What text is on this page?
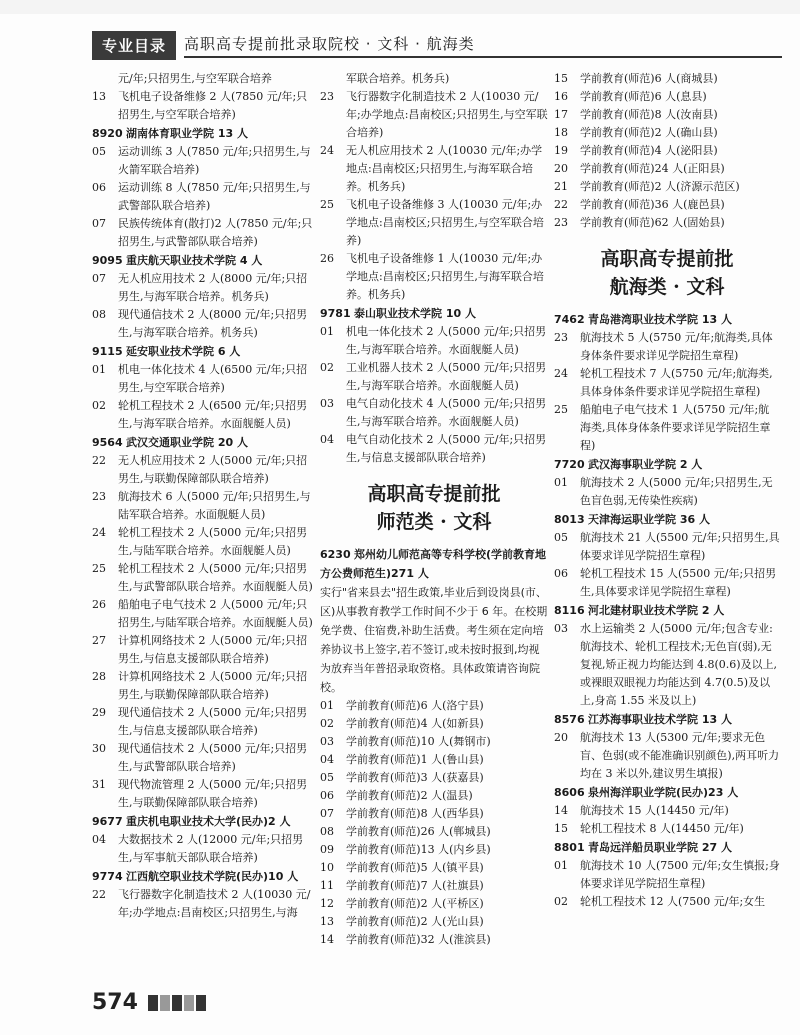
专业目录	高职高专提前批录取院校 · 文科 · 航海类
元/年;只招男生,与空军联合培养
13	飞机电子设备维修 2 人(7850 元/年;只招男生,与空军联合培养)
8920 湖南体育职业学院 13 人
05	运动训练 3 人(7850 元/年;只招男生,与火箭军联合培养)
06	运动训练 8 人(7850 元/年;只招男生,与武警部队联合培养)
07	民族传统体育(散打)2 人(7850 元/年;只招男生,与武警部队联合培养)
9095 重庆航天职业技术学院 4 人
07	无人机应用技术 2 人(8000 元/年;只招男生,与海军联合培养。机务兵)
08	现代通信技术 2 人(8000 元/年;只招男生,与海军联合培养。机务兵)
9115 延安职业技术学院 6 人
01	机电一体化技术 4 人(6500 元/年;只招男生,与空军联合培养)
02	轮机工程技术 2 人(6500 元/年;只招男生,与海军联合培养。水面舰艇人员)
9564 武汉交通职业学院 20 人
22	无人机应用技术 2 人(5000 元/年;只招男生,与联勤保障部队联合培养)
23	航海技术 6 人(5000 元/年;只招男生,与陆军联合培养。水面舰艇人员)
24	轮机工程技术 2 人(5000 元/年;只招男生,与陆军联合培养。水面舰艇人员)
25	轮机工程技术 2 人(5000 元/年;只招男生,与武警部队联合培养。水面舰艇人员)
26	船舶电子电气技术 2 人(5000 元/年;只招男生,与陆军联合培养。水面舰艇人员)
27	计算机网络技术 2 人(5000 元/年;只招男生,与信息支援部队联合培养)
28	计算机网络技术 2 人(5000 元/年;只招男生,与联勤保障部队联合培养)
29	现代通信技术 2 人(5000 元/年;只招男生,与信息支援部队联合培养)
30	现代通信技术 2 人(5000 元/年;只招男生,与武警部队联合培养)
31	现代物流管理 2 人(5000 元/年;只招男生,与联勤保障部队联合培养)
9677 重庆机电职业技术大学(民办)2 人
04	大数据技术 2 人(12000 元/年;只招男生,与军事航天部队联合培养)
9774 江西航空职业技术学院(民办)10 人
22	飞行器数字化制造技术 2 人(10030 元/年;办学地点:昌南校区;只招男生,与海
军联合培养。机务兵)
23	飞行器数字化制造技术 2 人(10030 元/年;办学地点:昌南校区;只招男生,与空军联合培养)
24	无人机应用技术 2 人(10030 元/年;办学地点:昌南校区;只招男生,与海军联合培养。机务兵)
25	飞机电子设备维修 3 人(10030 元/年;办学地点:昌南校区;只招男生,与空军联合培养)
26	飞机电子设备维修 1 人(10030 元/年;办学地点:昌南校区;只招男生,与海军联合培养。机务兵)
9781 泰山职业技术学院 10 人
01	机电一体化技术 2 人(5000 元/年;只招男生,与海军联合培养。水面舰艇人员)
02	工业机器人技术 2 人(5000 元/年;只招男生,与海军联合培养。水面舰艇人员)
03	电气自动化技术 4 人(5000 元/年;只招男生,与海军联合培养。水面舰艇人员)
04	电气自动化技术 2 人(5000 元/年;只招男生,与信息支援部队联合培养)
高职高专提前批
师范类 · 文科
6230 郑州幼儿师范高等专科学校(学前教育地方公费师范生)271 人
实行"省来县去"招生政策,毕业后到设岗县(市、区)从事教育教学工作时间不少于 6 年。在校期免学费、住宿费,补助生活费。考生须在定向培养协议书上签字,若不签订,或未按时报到,均视为放弃当年普招录取资格。具体政策请咨询院校。
01	学前教育(师范)6 人(洛宁县)
02	学前教育(师范)4 人(如新县)
03	学前教育(师范)10 人(舞钢市)
04	学前教育(师范)1 人(鲁山县)
05	学前教育(师范)3 人(获嘉县)
06	学前教育(师范)2 人(温县)
07	学前教育(师范)8 人(西华县)
08	学前教育(师范)26 人(郸城县)
09	学前教育(师范)13 人(内乡县)
10	学前教育(师范)5 人(镇平县)
11	学前教育(师范)7 人(社旗县)
12	学前教育(师范)2 人(平桥区)
13	学前教育(师范)2 人(光山县)
14	学前教育(师范)32 人(淮滨县)
15	学前教育(师范)6 人(商城县)
16	学前教育(师范)6 人(息县)
17	学前教育(师范)8 人(汝南县)
18	学前教育(师范)2 人(确山县)
19	学前教育(师范)4 人(泌阳县)
20	学前教育(师范)24 人(正阳县)
21	学前教育(师范)2 人(济源示范区)
22	学前教育(师范)36 人(鹿邑县)
23	学前教育(师范)62 人(固始县)
高职高专提前批
航海类 · 文科
7462 青岛港湾职业技术学院 13 人
23	航海技术 5 人(5750 元/年;航海类,具体身体条件要求详见学院招生章程)
24	轮机工程技术 7 人(5750 元/年;航海类,具体身体条件要求详见学院招生章程)
25	船舶电子电气技术 1 人(5750 元/年;航海类,具体身体条件要求详见学院招生章程)
7720 武汉海事职业学院 2 人
01	航海技术 2 人(5000 元/年;只招男生,无色盲色弱,无传染性疾病)
8013 天津海运职业学院 36 人
05	航海技术 21 人(5500 元/年;只招男生,具体要求详见学院招生章程)
06	轮机工程技术 15 人(5500 元/年;只招男生,具体要求详见学院招生章程)
8116 河北建材职业技术学院 2 人
03	水上运输类 2 人(5000 元/年;包含专业:航海技术、轮机工程技术;无色盲(弱),无复视,矫正视力均能达到 4.8(0.6)及以上,或裸眼双眼视力均能达到 4.7(0.5)及以上,身高 1.55 米及以上)
8576 江苏海事职业技术学院 13 人
20	航海技术 13 人(5300 元/年;要求无色盲、色弱(或不能准确识别颜色),两耳听力均在 3 米以外,建议男生填报)
8606 泉州海洋职业学院(民办)23 人
14	航海技术 15 人(14450 元/年)
15	轮机工程技术 8 人(14450 元/年)
8801 青岛远洋船员职业学院 27 人
01	航海技术 10 人(7500 元/年;女生慎报;身体要求详见学院招生章程)
02	轮机工程技术 12 人(7500 元/年;女生
574
